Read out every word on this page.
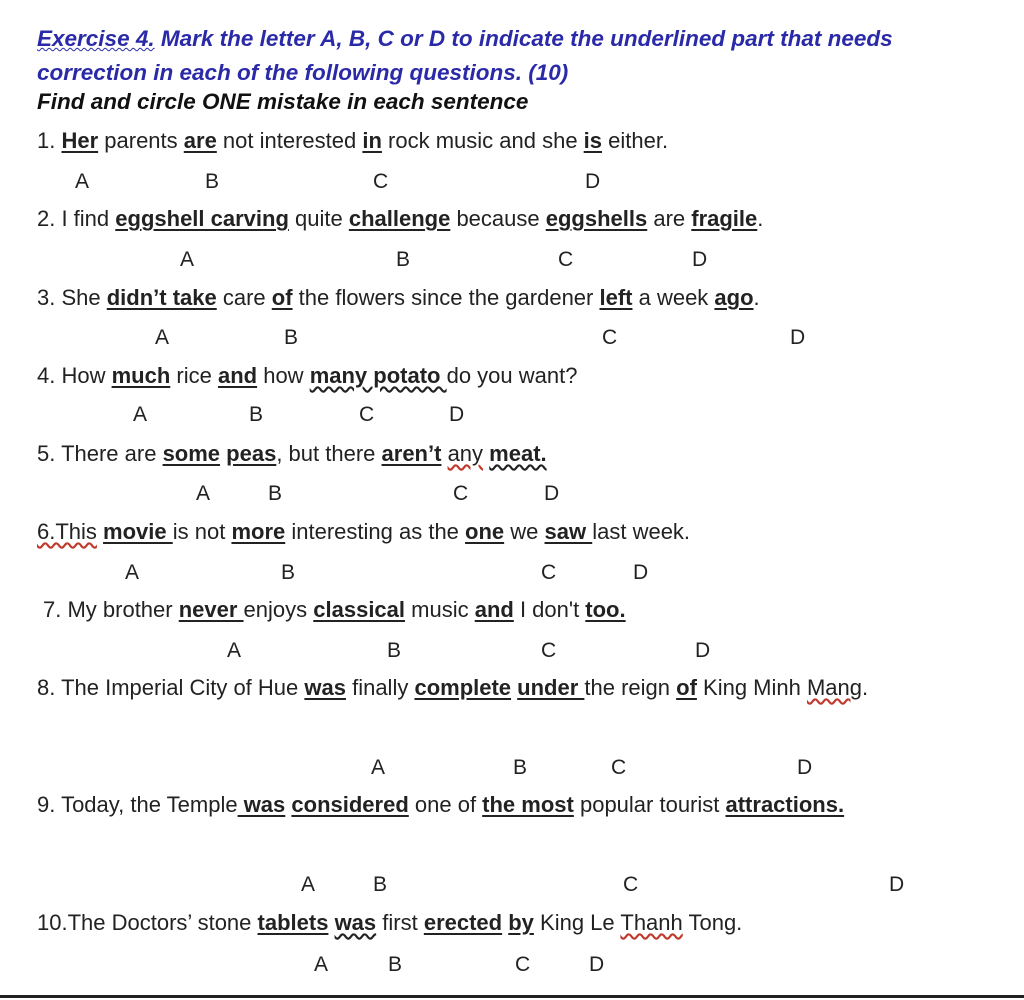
Exercise 4. Mark the letter A, B, C or D to indicate the underlined part that needs correction in each of the following questions. (10)
Find and circle ONE mistake in each sentence
1. Her parents are not interested in rock music and she is either.
A	B	C	D
2. I find eggshell carving quite challenge because eggshells are fragile.
A	B	C	D
3. She didn’t take care of the flowers since the gardener left a week ago.
A	B	C	D
4. How much rice and how many potato do you want?
A	B	C	D
5. There are some peas, but there aren’t any meat.
A	B	C	D
6.This movie is not more interesting as the one we saw last week.
A	B	C	D
7. My brother never enjoys classical music and I don't too.
A	B	C	D
8. The Imperial City of Hue was finally complete under the reign of King Minh Mang.
A	B	C	D
9. Today, the Temple was considered one of the most popular tourist attractions.
A	B	C	D
10.The Doctors’ stone tablets was first erected by King Le Thanh Tong.
A	B	C	D
